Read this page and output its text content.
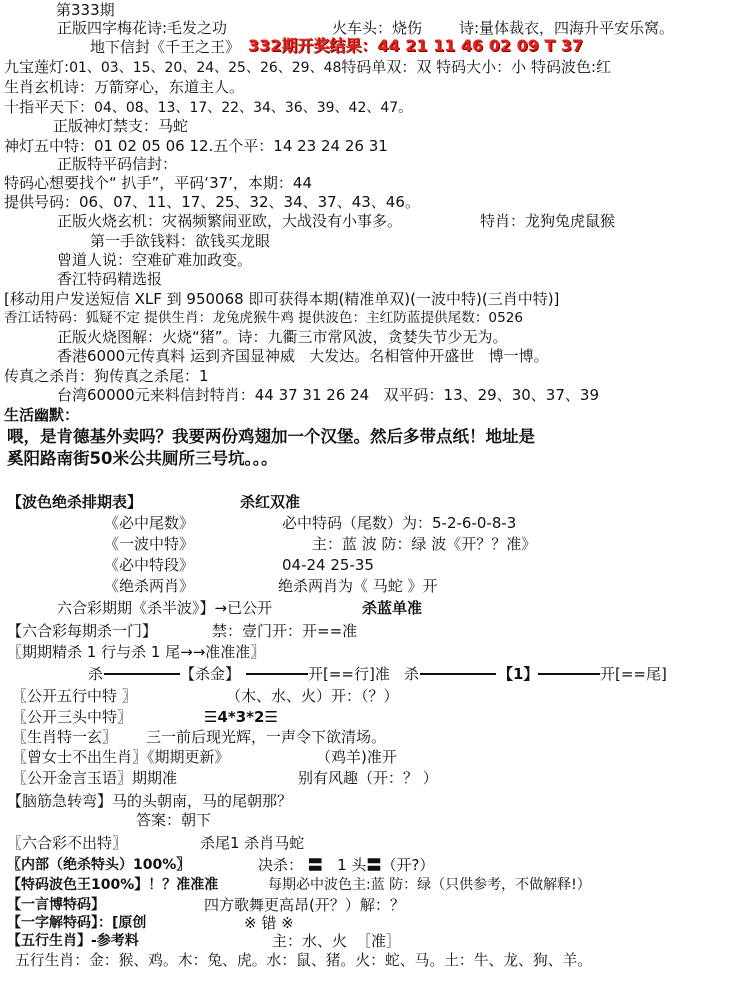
第333期
正版四字梅花诗:毛发之功	火车头：烧伤 诗:量体裁衣，四海升平安乐窝。
地下信封《千王之王》 332期开奖结果：44 21 11 46 02 09 T 37
九宝莲灯:01、03、15、20、24、25、26、29、48特码单双：双 特码大小：小 特码波色:红
生肖玄机诗：万箭穿心，东道主人。
十指平天下：04、08、13、17、22、34、36、39、42、47。
正版神灯禁支：马蛇
神灯五中特：01 02 05 06 12.五个平：14 23 24 26 31
正版特平码信封：
特码心想要找个“ 扒手”，平码‘37’，本期：44
提供号码：06、07、11、17、25、32、34、37、43、46。
正版火烧玄机：灾祸频繁闹亚欧，大战没有小事多。	特肖：龙狗兔虎鼠猴
第一手欲钱料：欲钱买龙眼
曾道人说：空难矿难加政变。
香江特码精选报
[移动用户发送短信 XLF 到 950068 即可获得本期(精准单双)(一波中特)(三肖中特)]
香江话特码：狐疑不定 提供生肖：龙兔虎猴牛鸡 提供波色：主红防蓝提供尾数：0526
正版火烧图解：火烧“猪”。诗：九衢三市常风波，贪婪失节少无为。
香港6000元传真料 运到齐国显神威 大发达。名相管仲开盛世 博一博。
传真之杀肖：狗传真之杀尾：1
台湾60000元来料信封特肖：44 37 31 26 24 双平码：13、29、30、37、39
生活幽默：
喂，是肯德基外卖吗？我要两份鸡翅加一个汉堡。然后多带点纸！地址是
奚阳路南街50米公共厕所三号坑。。。
【波色绝杀排期表】	杀红双准
《必中尾数》	必中特码（尾数）为：5-2-6-0-8-3
《一波中特》	主：蓝 波 防：绿 波《开？？准》
《必中特段》	04-24 25-35
《绝杀两肖》	绝杀两肖为《 马蛇 》开
六合彩期期《杀半波》】→已公开	杀蓝单准
【六合彩每期杀一门】	禁：壹门开：开==准
〖期期精杀 1 行与杀 1 尾→→准准准〗
杀	【杀金】	开[==行]准 杀	【1】	开[==尾]
〖公开五行中特 〗	（木、水、火）开：（？）
〖公开三头中特〗	☰4*3*2☰
〖生肖特一玄〗 三一前后现光辉，一声令下欲清场。
〖曾女士不出生肖〗《期期更新》	（鸡羊)准开
〖公开金言玉语〗期期准	别有风趣（开：？ ）
【脑筋急转弯】马的头朝南，马的尾朝那？
答案：朝下
〖六合彩不出特〗	杀尾1 杀肖马蛇
〖内部（绝杀特头）100%〗	决杀： 〓 1 头〓（开?）
【特码波色王100%】！？准准准	每期必中波色主:蓝 防：绿（只供参考，不做解释!）
【一言博特码】	四方歌舞更高昂(开？）解：？
【一字解特码】：[原创	※ 错 ※
【五行生肖】-参考料	主：水、火 ［准］
五行生肖：金：猴、鸡。木：兔、虎。水：鼠、猪。火：蛇、马。土：牛、龙、狗、羊。
